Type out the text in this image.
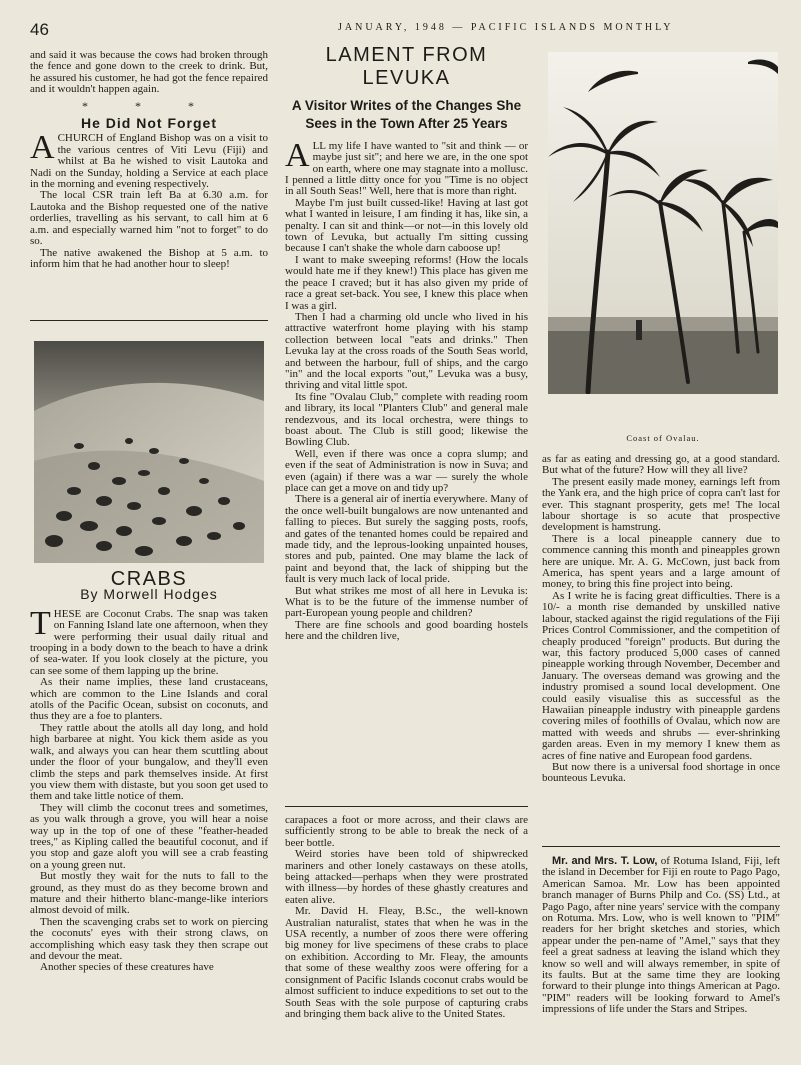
46	JANUARY, 1948 — PACIFIC ISLANDS MONTHLY

and said it was because the cows had broken through the fence and gone down to the creek to drink. But, he assured his customer, he had got the fence repaired and it wouldn't happen again.

* * *
He Did Not Forget

ACHURCH of England Bishop was on a visit to the various centres of Viti Levu (Fiji) and whilst at Ba he wished to visit Lautoka and Nadi on the Sunday, holding a Service at each place in the morning and evening respectively.

The local CSR train left Ba at 6.30 a.m. for Lautoka and the Bishop requested one of the native orderlies, travelling as his servant, to call him at 6 a.m. and especially warned him "not to forget" to do so.

The native awakened the Bishop at 5 a.m. to inform him that he had another hour to sleep!

CRABS
By Morwell Hodges

THESE are Coconut Crabs. The snap was taken on Fanning Island late one afternoon, when they were performing their usual daily ritual and trooping in a body down to the beach to have a drink of sea-water. If you look closely at the picture, you can see some of them lapping up the brine.

As their name implies, these land crustaceans, which are common to the Line Islands and coral atolls of the Pacific Ocean, subsist on coconuts, and thus they are a foe to planters.

They rattle about the atolls all day long, and hold high barbaree at night. You kick them aside as you walk, and always you can hear them scuttling about under the floor of your bungalow, and they'll even climb the steps and park themselves inside. At first you view them with distaste, but you soon get used to them and take little notice of them.

They will climb the coconut trees and sometimes, as you walk through a grove, you will hear a noise way up in the top of one of these "feather-headed trees," as Kipling called the beautiful coconut, and if you stop and gaze aloft you will see a crab feasting on a young green nut.

But mostly they wait for the nuts to fall to the ground, as they must do as they become brown and mature and their hitherto blanc-mange-like interiors almost devoid of milk.

Then the scavenging crabs set to work on piercing the coconuts' eyes with their strong claws, on accomplishing which easy task they then scrape out and devour the meat.

Another species of these creatures have

LAMENT FROM
LEVUKA
A Visitor Writes of the Changes She Sees in the Town After 25 Years

ALL my life I have wanted to "sit and think — or maybe just sit"; and here we are, in the one spot on earth, where one may stagnate into a mollusc. I penned a little ditty once for you "Time is no object in all South Seas!" Well, here that is more than right.

Maybe I'm just built cussed-like! Having at last got what I wanted in leisure, I am finding it has, like sin, a penalty. I can sit and think—or not—in this lovely old town of Levuka, but actually I'm sitting cussing because I can't shake the whole darn caboose up!

I want to make sweeping reforms! (How the locals would hate me if they knew!) This place has given me the peace I craved; but it has also given my pride of race a great set-back. You see, I knew this place when I was a girl.

Then I had a charming old uncle who lived in his attractive waterfront home playing with his stamp collection between local "eats and drinks." Then Levuka lay at the cross roads of the South Seas world, and between the harbour, full of ships, and the cargo "in" and the local exports "out," Levuka was a busy, thriving and vital little spot.

Its fine "Ovalau Club," complete with reading room and library, its local "Planters Club" and general male rendezvous, and its local orchestra, were things to boast about. The Club is still good; likewise the Bowling Club.

Well, even if there was once a copra slump; and even if the seat of Administration is now in Suva; and even (again) if there was a war — surely the whole place can get a move on and tidy up?

There is a general air of inertia everywhere. Many of the once well-built bungalows are now untenanted and falling to pieces. But surely the sagging posts, roofs, and gates of the tenanted homes could be repaired and made tidy, and the leprous-looking unpainted houses, stores and pub, painted. One may blame the lack of paint and beyond that, the lack of shipping but the fault is very much lack of local pride.

But what strikes me most of all here in Levuka is: What is to be the future of the immense number of part-European young people and children?

There are fine schools and good boarding hostels here and the children live,

carapaces a foot or more across, and their claws are sufficiently strong to be able to break the neck of a beer bottle.

Weird stories have been told of shipwrecked mariners and other lonely castaways on these atolls, being attacked—perhaps when they were prostrated with illness—by hordes of these ghastly creatures and eaten alive.

Mr. David H. Fleay, B.Sc., the well-known Australian naturalist, states that when he was in the USA recently, a number of zoos there were offering big money for live specimens of these crabs to place on exhibition. According to Mr. Fleay, the amounts that some of these wealthy zoos were offering for a consignment of Pacific Islands coconut crabs would be almost sufficient to induce expeditions to set out to the South Seas with the sole purpose of capturing crabs and bringing them back alive to the United States.

Coast of Ovalau.

as far as eating and dressing go, at a good standard. But what of the future? How will they all live?

The present easily made money, earnings left from the Yank era, and the high price of copra can't last for ever. This stagnant prosperity, gets me! The local labour shortage is so acute that prospective development is hamstrung.

There is a local pineapple cannery due to commence canning this month and pineapples grown here are unique. Mr. A. G. McCown, just back from America, has spent years and a large amount of money, to bring this fine project into being.

As I write he is facing great difficulties. There is a 10/- a month rise demanded by unskilled native labour, stacked against the rigid regulations of the Fiji Prices Control Commissioner, and the competition of cheaply produced "foreign" products. But during the war, this factory produced 5,000 cases of canned pineapple working through November, December and January. The overseas demand was growing and the industry promised a sound local development. One could easily visualise this as successful as the Hawaiian pineapple industry with pineapple gardens covering miles of foothills of Ovalau, which now are matted with weeds and shrubs — ever-shrinking garden areas. Even in my memory I knew them as acres of fine native and European food gardens.

But now there is a universal food shortage in once bounteous Levuka.

Mr. and Mrs. T. Low, of Rotuma Island, Fiji, left the island in December for Fiji en route to Pago Pago, American Samoa. Mr. Low has been appointed branch manager of Burns Philp and Co. (SS) Ltd., at Pago Pago, after nine years' service with the company on Rotuma. Mrs. Low, who is well known to "PIM" readers for her bright sketches and stories, which appear under the pen-name of "Amel," says that they feel a great sadness at leaving the island which they know so well and will always remember, in spite of its faults. But at the same time they are looking forward to their plunge into things American at Pago. "PIM" readers will be looking forward to Amel's impressions of life under the Stars and Stripes.
